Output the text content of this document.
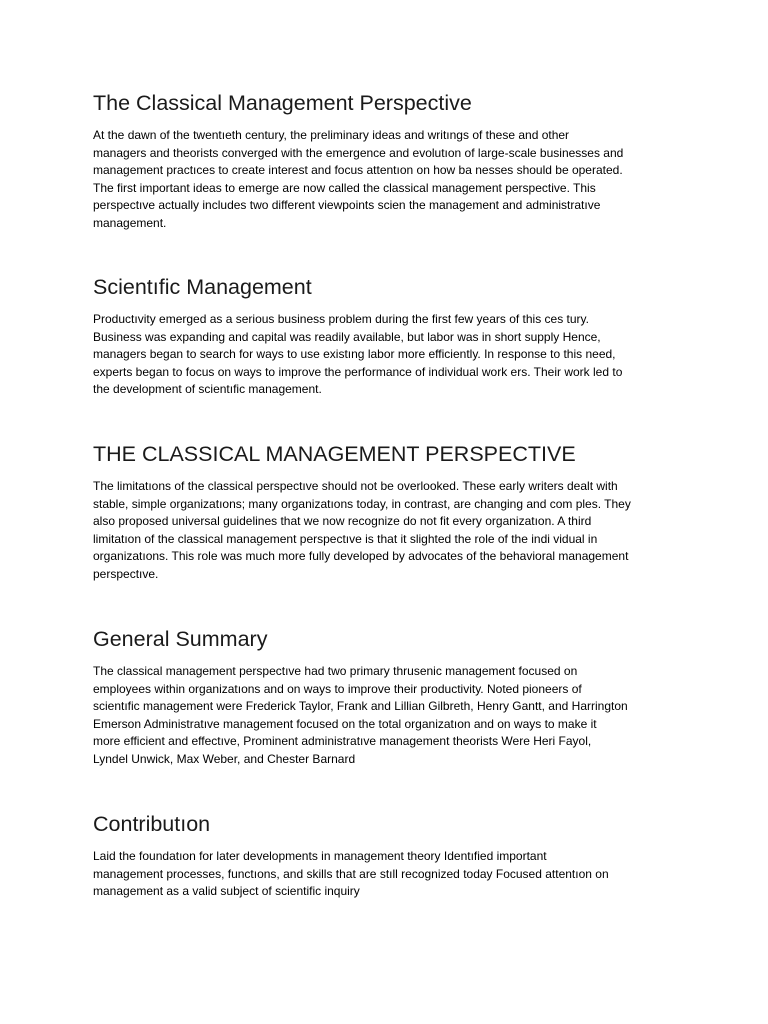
The Classical Management Perspective

At the dawn of the twentıeth century, the preliminary ideas and writıngs of these and other
managers and theorists converged with the emergence and evolutıon of large-scale businesses and
management practıces to create interest and focus attentıon on how ba nesses should be operated.
The first important ideas to emerge are now called the classical management perspective. This
perspectıve actually includes two different viewpoints scien the management and administratıve
management.

Scientıfic Management

Productıvity emerged as a serious business problem during the first few years of this ces tury.
Business was expanding and capital was readily available, but labor was in short supply Hence,
managers began to search for ways to use existıng labor more efficiently. In response to this need,
experts began to focus on ways to improve the performance of individual work ers. Their work led to
the development of scientıfic management.

THE CLASSICAL MANAGEMENT PERSPECTIVE

The limitatıons of the classical perspectıve should not be overlooked. These early writers dealt with
stable, simple organizatıons; many organizatıons today, in contrast, are changing and com ples. They
also proposed universal guidelines that we now recognize do not fit every organizatıon. A third
limitatıon of the classical management perspectıve is that it slighted the role of the indi vidual in
organizatıons. This role was much more fully developed by advocates of the behavioral management
perspectıve.

General Summary

The classical management perspectıve had two primary thrusenic management focused on
employees within organizatıons and on ways to improve their productivity. Noted pioneers of
scientıfic management were Frederick Taylor, Frank and Lillian Gilbreth, Henry Gantt, and Harrington
Emerson Administratıve management focused on the total organizatıon and on ways to make it
more efficient and effectıve, Prominent administratıve management theorists Were Heri Fayol,
Lyndel Unwick, Max Weber, and Chester Barnard

Contributıon

Laid the foundatıon for later developments in management theory Identıfied important
management processes, functıons, and skills that are stıll recognized today Focused attentıon on
management as a valid subject of scientific inquiry
